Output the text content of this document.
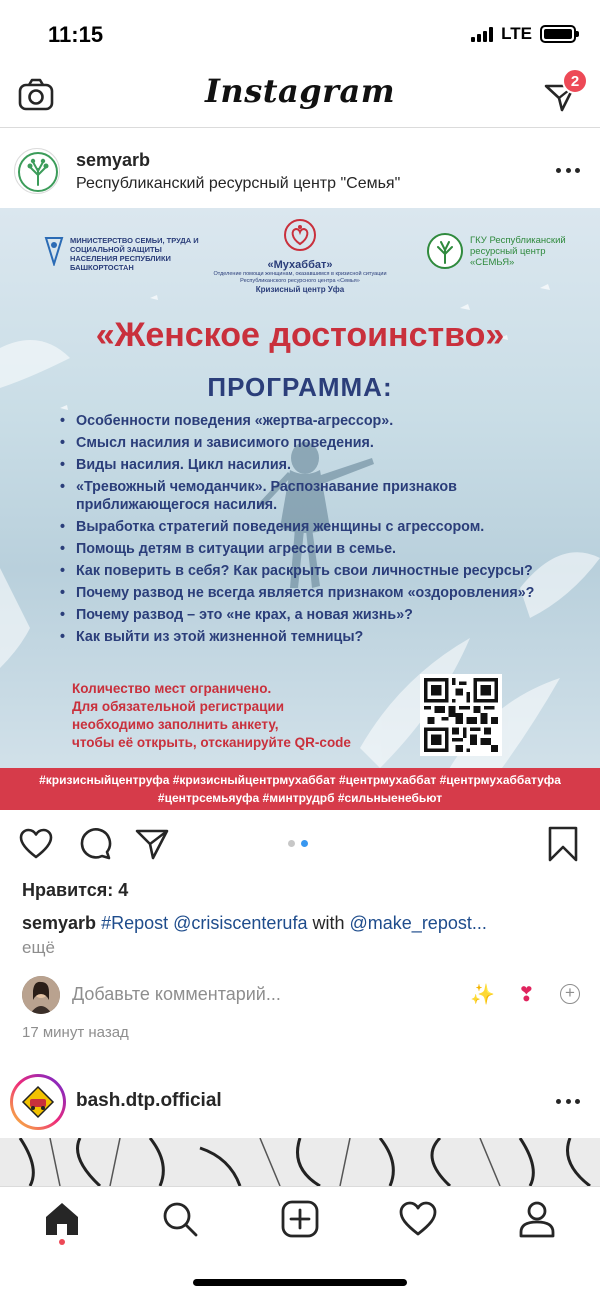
11:15	LTE
Instagram	2
semyarb
Республиканский ресурсный центр "Семья"
МИНИСТЕРСТВО СЕМЬИ, ТРУДА И СОЦИАЛЬНОЙ ЗАЩИТЫ НАСЕЛЕНИЯ РЕСПУБЛИКИ БАШКОРТОСТАН	«Мухаббат»
Отделение помощи женщинам, оказавшимся в кризисной ситуации Республиканского ресурсного центра «Семья»
Кризисный центр Уфа
ГКУ Республиканский ресурсный центр «СЕМЬЯ»
«Женское достоинство»
ПРОГРАММА:
• Особенности поведения «жертва-агрессор».
• Смысл насилия и зависимого поведения.
• Виды насилия. Цикл насилия.
• «Тревожный чемоданчик». Распознавание признаков приближающегося насилия.
• Выработка стратегий поведения женщины с агрессором.
• Помощь детям в ситуации агрессии в семье.
• Как поверить в себя? Как раскрыть свои личностные ресурсы?
• Почему развод не всегда является признаком «оздоровления»?
• Почему развод – это «не крах, а новая жизнь»?
• Как выйти из этой жизненной темницы?
Количество мест ограничено.
Для обязательной регистрации
необходимо заполнить анкету,
чтобы её открыть, отсканируйте QR-code
#кризисныйцентруфа #кризисныйцентрмухаббат #центрмухаббат #центрмухаббатуфа
#центрсемьяуфа #минтрудрб #сильныенебьют
Нравится: 4
semyarb #Repost @crisiscenterufa with @make_repost...
ещё
Добавьте комментарий...	✨ ❣ +
17 минут назад
bash.dtp.official
